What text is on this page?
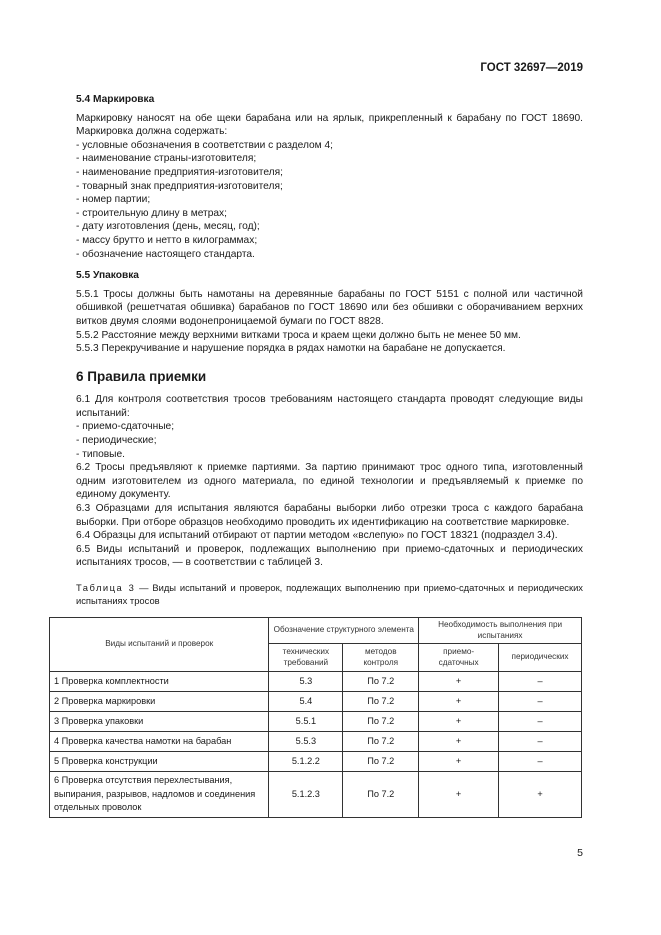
ГОСТ 32697—2019
5.4 Маркировка

Маркировку наносят на обе щеки барабана или на ярлык, прикрепленный к барабану по ГОСТ 18690. Маркировка должна содержать:

- условные обозначения в соответствии с разделом 4;

- наименование страны-изготовителя;

- наименование предприятия-изготовителя;

- товарный знак предприятия-изготовителя;

- номер партии;

- строительную длину в метрах;

- дату изготовления (день, месяц, год);

- массу брутто и нетто в килограммах;

- обозначение настоящего стандарта.

5.5 Упаковка

5.5.1 Тросы должны быть намотаны на деревянные барабаны по ГОСТ 5151 с полной или частичной обшивкой (решетчатая обшивка) барабанов по ГОСТ 18690 или без обшивки с оборачиванием верхних витков двумя слоями водонепроницаемой бумаги по ГОСТ 8828.

5.5.2 Расстояние между верхними витками троса и краем щеки должно быть не менее 50 мм.

5.5.3 Перекручивание и нарушение порядка в рядах намотки на барабане не допускается.

6 Правила приемки

6.1 Для контроля соответствия тросов требованиям настоящего стандарта проводят следующие виды испытаний:

- приемо-сдаточные;

- периодические;

- типовые.

6.2 Тросы предъявляют к приемке партиями. За партию принимают трос одного типа, изготовленный одним изготовителем из одного материала, по единой технологии и предъявляемый к приемке по единому документу.

6.3 Образцами для испытания являются барабаны выборки либо отрезки троса с каждого барабана выборки. При отборе образцов необходимо проводить их идентификацию на соответствие маркировке.

6.4 Образцы для испытаний отбирают от партии методом «вслепую» по ГОСТ 18321 (подраздел 3.4).

6.5 Виды испытаний и проверок, подлежащих выполнению при приемо-сдаточных и периодических испытаниях тросов, — в соответствии с таблицей 3.

Таблица 3 — Виды испытаний и проверок, подлежащих выполнению при приемо-сдаточных и периодических испытаниях тросов

Виды испытаний и проверок	Обозначение структурного элемента		Необходимость выполнения при испытаниях	
	технических требований	методов контроля	приемо-сдаточных	периодических
1 Проверка комплектности	5.3	По 7.2	+	–
2 Проверка маркировки	5.4	По 7.2	+	–
3 Проверка упаковки	5.5.1	По 7.2	+	–
4 Проверка качества намотки на барабан	5.5.3	По 7.2	+	–
5 Проверка конструкции	5.1.2.2	По 7.2	+	–
6 Проверка отсутствия перехлестывания, выпирания, разрывов, надломов и соединения отдельных проволок	5.1.2.3	По 7.2	+	+
5
